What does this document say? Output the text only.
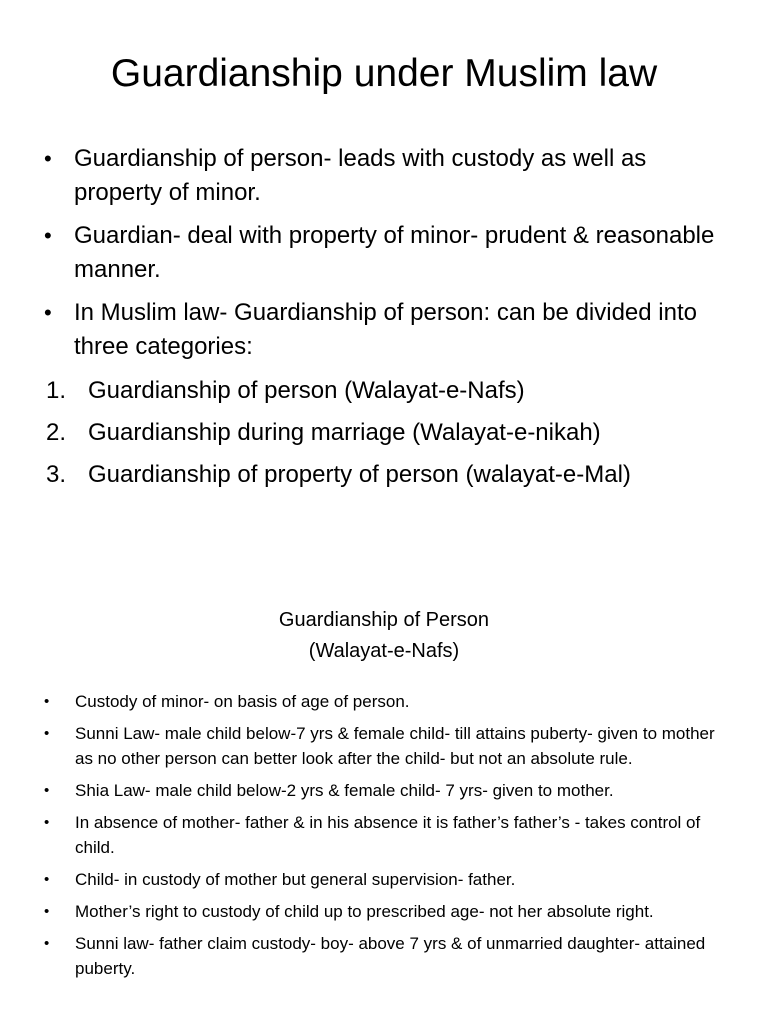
Guardianship under Muslim law
• Guardianship of person- leads with custody as well as property of minor.
• Guardian- deal with property of minor- prudent & reasonable manner.
• In Muslim law- Guardianship of person: can be divided into three categories:
1. Guardianship of person (Walayat-e-Nafs)
2. Guardianship during marriage (Walayat-e-nikah)
3. Guardianship of property of person (walayat-e-Mal)
Guardianship of Person
(Walayat-e-Nafs)
• Custody of minor- on basis of age of person.
• Sunni Law- male child below-7 yrs & female child- till attains puberty- given to mother as no other person can better look after the child- but not an absolute rule.
• Shia Law- male child below-2 yrs & female child- 7 yrs- given to mother.
• In absence of mother- father & in his absence it is father’s father’s - takes control of child.
• Child- in custody of mother but general supervision- father.
• Mother’s right to custody of child up to prescribed age- not her absolute right.
• Sunni law- father claim custody- boy- above 7 yrs & of unmarried daughter- attained puberty.
